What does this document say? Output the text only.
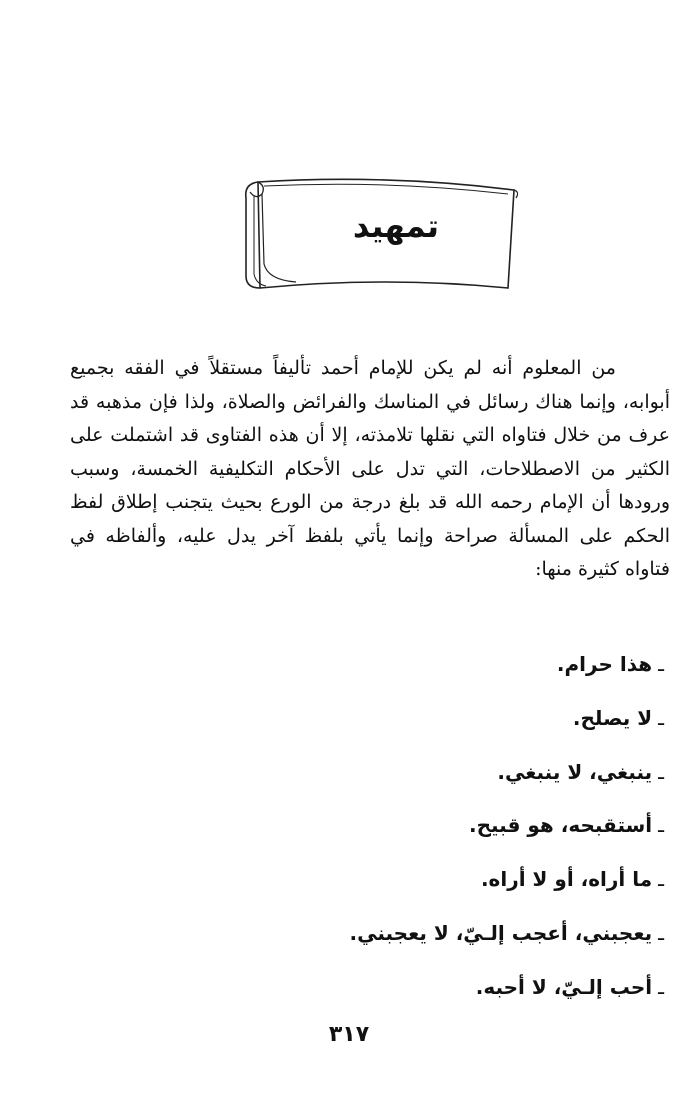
تمهيد

من المعلوم أنه لم يكن للإمام أحمد تأليفاً مستقلاً في الفقه بجميع أبوابه، وإنما هناك رسائل في المناسك والفرائض والصلاة، ولذا فإن مذهبه قد عرف من خلال فتاواه التي نقلها تلامذته، إلا أن هذه الفتاوى قد اشتملت على الكثير من الاصطلاحات، التي تدل على الأحكام التكليفية الخمسة، وسبب ورودها أن الإمام رحمه الله قد بلغ درجة من الورع بحيث يتجنب إطلاق لفظ الحكم على المسألة صراحة وإنما يأتي بلفظ آخر يدل عليه، وألفاظه في فتاواه كثيرة منها:

ـهذا حرام.
ـلا يصلح.
ـينبغي، لا ينبغي.
ـأستقبحه، هو قبيح.
ـما أراه، أو لا أراه.
ـيعجبني، أعجب إلـيّ، لا يعجبني.
ـأحب إلـيّ، لا أحبه.
٣١٧
